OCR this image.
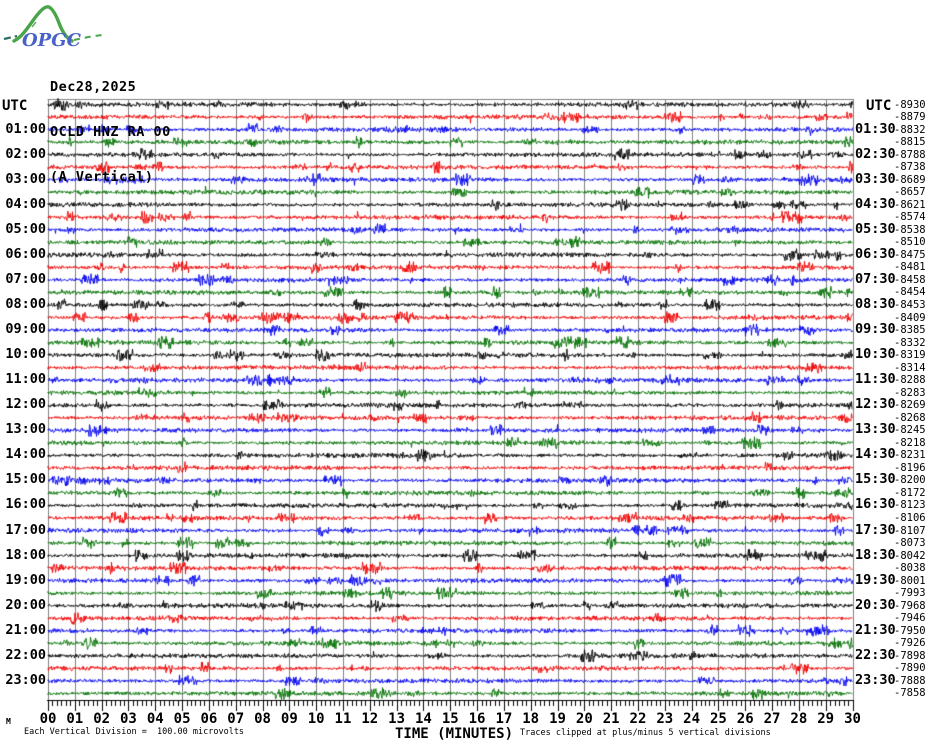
OPGC

Dec28,2025

OCLD HNZ RA 00

(A Vertical)

UTC	UTC
01:00
02:00
03:00
04:00
05:00
06:00
07:00
08:00
09:00
10:00
11:00
12:00
13:00
14:00
15:00
16:00
17:00
18:00
19:00
20:00
21:00
22:00
23:00
01:30
02:30
03:30
04:30
05:30
06:30
07:30
08:30
09:30
10:30
11:30
12:30
13:30
14:30
15:30
16:30
17:30
18:30
19:30
20:30
21:30
22:30
23:30
-8930
-8879
-8832
-8815
-8788
-8738
-8689
-8657
-8621
-8574
-8538
-8510
-8475
-8481
-8458
-8454
-8453
-8409
-8385
-8332
-8319
-8314
-8288
-8283
-8269
-8268
-8245
-8218
-8231
-8196
-8200
-8172
-8123
-8106
-8107
-8073
-8042
-8038
-8001
-7993
-7968
-7946
-7950
-7926
-7898
-7890
-7888
-7858
00 01 02 03 04 05 06 07 08 09 10 11 12 13 14 15 16 17 18 19 20 21 22 23 24 25 26 27 28 29 30
TIME (MINUTES)
M
Each Vertical Division =  100.00 microvolts	Traces clipped at plus/minus 5 vertical divisions
